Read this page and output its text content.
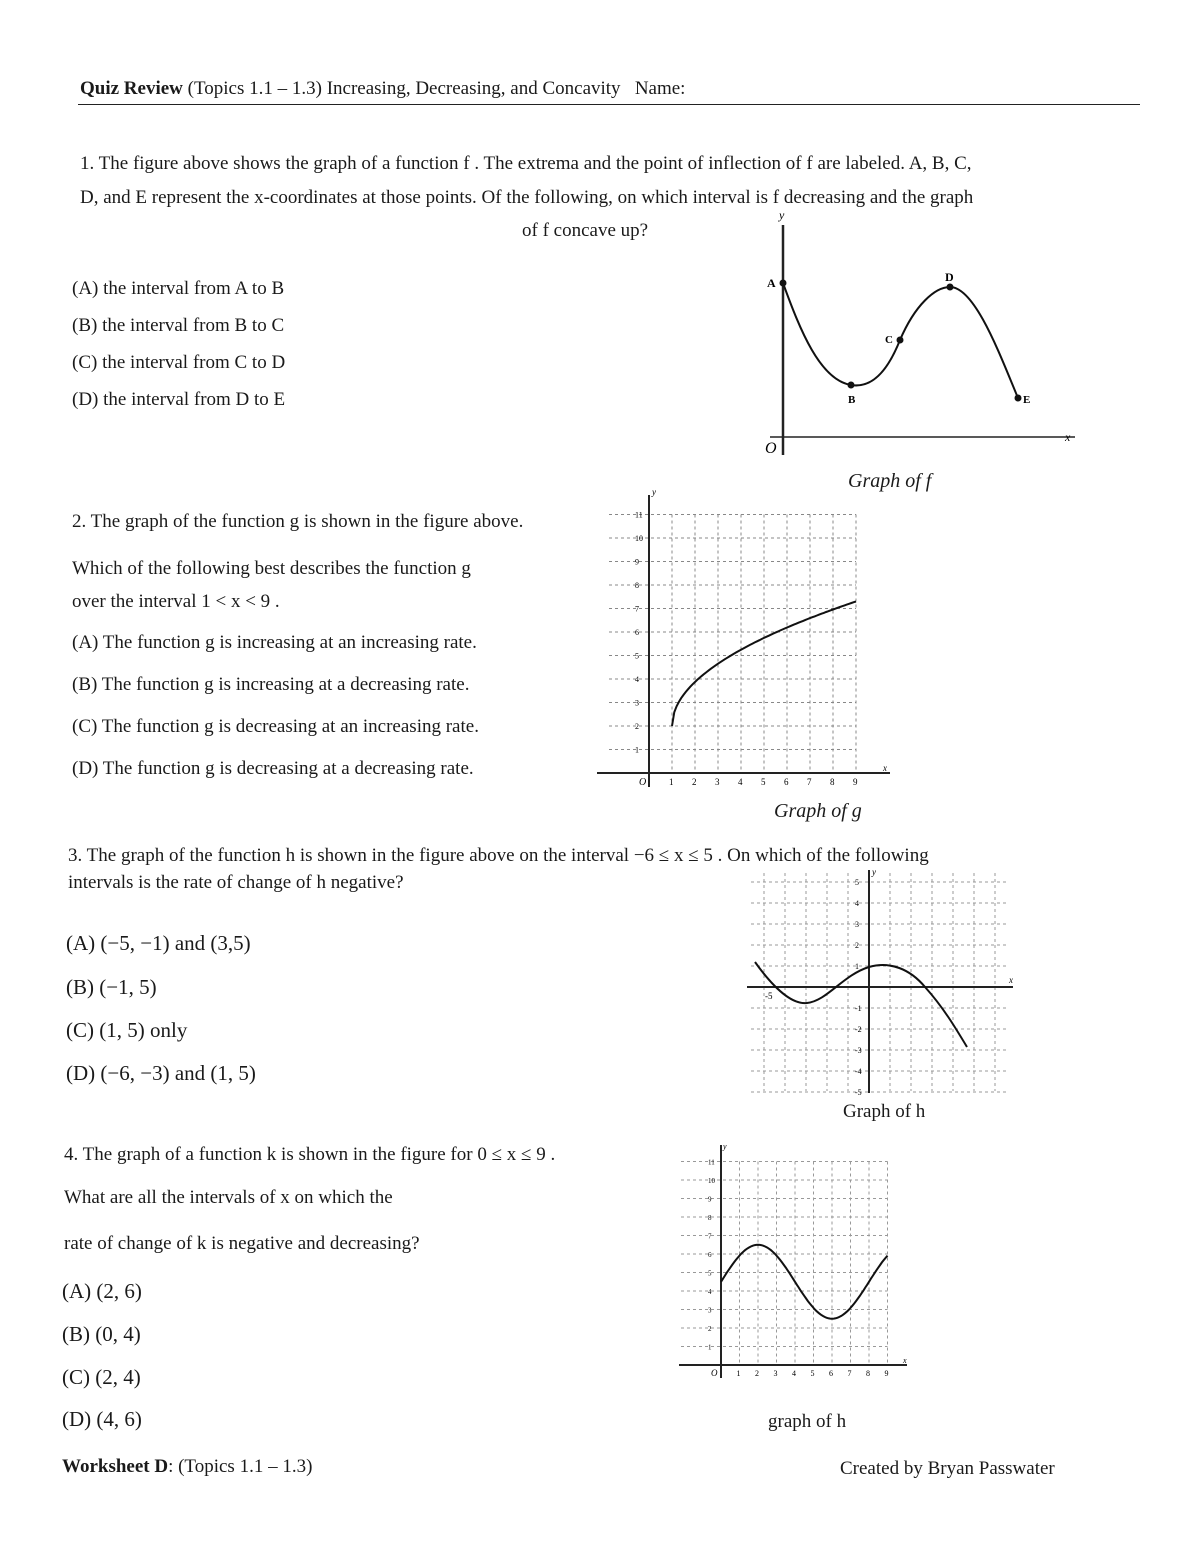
Quiz Review (Topics 1.1 – 1.3) Increasing, Decreasing, and Concavity Name:
1. The figure above shows the graph of a function f . The extrema and the point of inflection of f are labeled. A, B, C,
D, and E represent the x-coordinates at those points. Of the following, on which interval is f decreasing and the graph
of f concave up?
(A) the interval from A to B
(B) the interval from B to C
(C) the interval from C to D
(D) the interval from D to E
y
x
O
A
B
C
D
E
Graph of f
2. The graph of the function g is shown in the figure above.
Which of the following best describes the function g
over the interval 1 < x < 9 .
(A) The function g is increasing at an increasing rate.
(B) The function g is increasing at a decreasing rate.
(C) The function g is decreasing at an increasing rate.
(D) The function g is decreasing at a decreasing rate.
y
x
O	1 2 3 4 5 6 7 8 9
1
2
3
4
5
6
7
8
9
10
11
Graph of g
3. The graph of the function h is shown in the figure above on the interval −6 ≤ x ≤ 5 . On which of the following
intervals is the rate of change of h negative?
(A) (−5, −1) and (3,5)
(B) (−1, 5)
(C) (1, 5) only
(D) (−6, −3) and (1, 5)
x
y
-5
5
4
3
2
1
-1
-2
-3
-4
-5
Graph of h
4. The graph of a function k is shown in the figure for 0 ≤ x ≤ 9 .
What are all the intervals of x on which the
rate of change of k is negative and decreasing?
(A) (2, 6)
(B) (0, 4)
(C) (2, 4)
(D) (4, 6)
y
x
O 1 2 3 4 5 6 7 8 9
1
2
3
4
5
6
7
8
9
10
11
graph of h
Worksheet D: (Topics 1.1 – 1.3)	Created by Bryan Passwater
